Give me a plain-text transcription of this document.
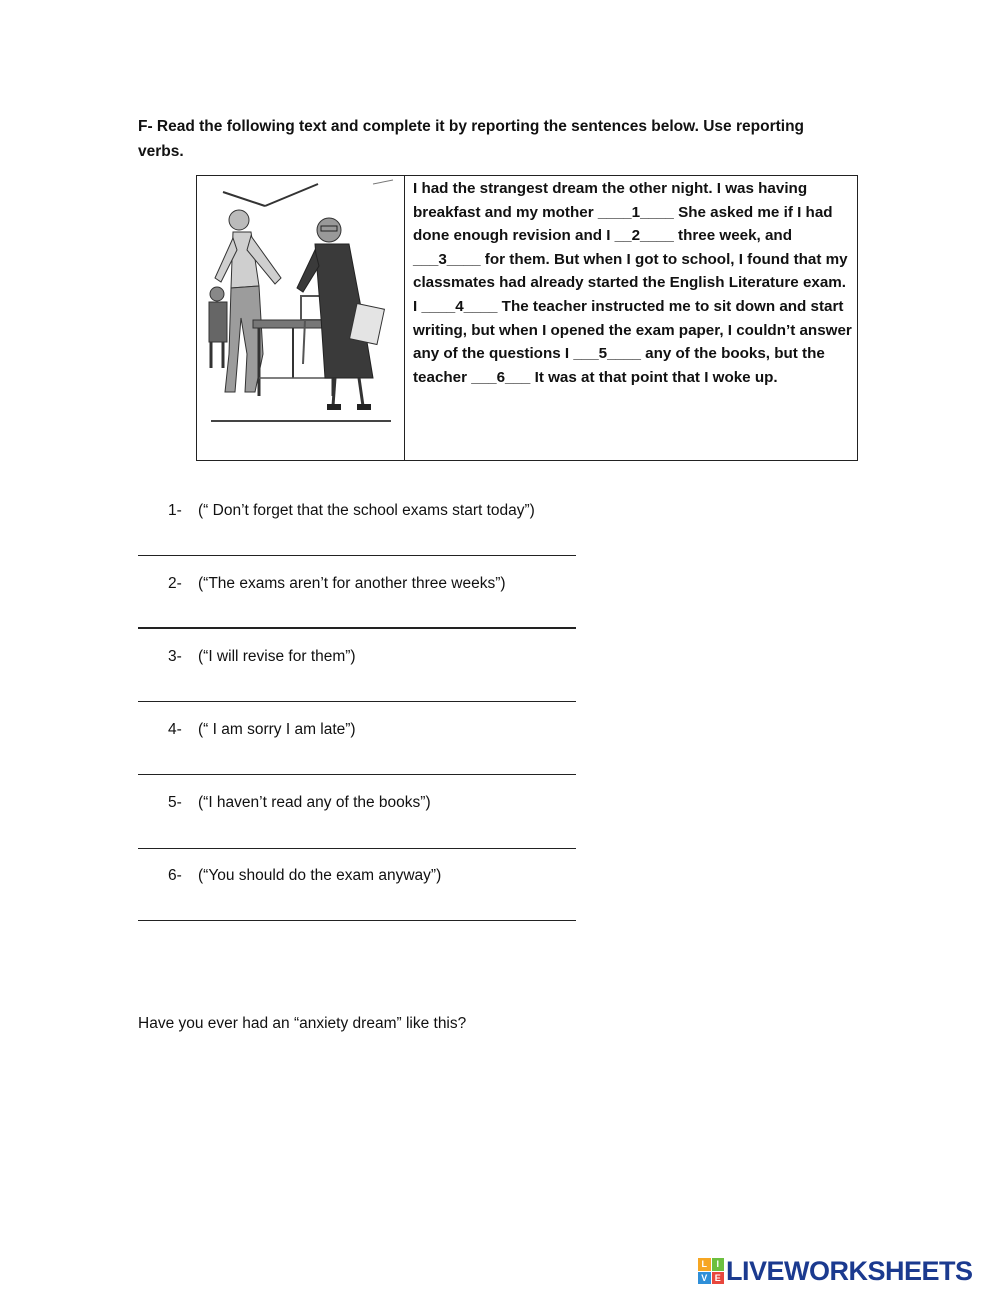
F- Read the following text and complete it by reporting the sentences below. Use reporting verbs.

I had the strangest dream the other night. I was having breakfast and my mother ____1____ She asked me if I had done enough revision and I __2____ three week, and ___3____ for them. But when I got to school, I found that my classmates had already started the English Literature exam. I ____4____ The teacher instructed me to sit down and start writing, but when I opened the exam paper, I couldn’t answer any of the questions I ___5____ any of the books, but the teacher ___6___ It was at that point that I woke up.

1- (“ Don’t forget that the school exams start today”)
2- (“The exams aren’t for another three weeks”)
3- (“I will revise for them”)
4- (“ I am sorry I am late”)
5- (“I haven’t read any of the books”)
6- (“You should do the exam anyway”)
Have you ever had an “anxiety dream” like this?
L	I
V E LIVEWORKSHEETS
